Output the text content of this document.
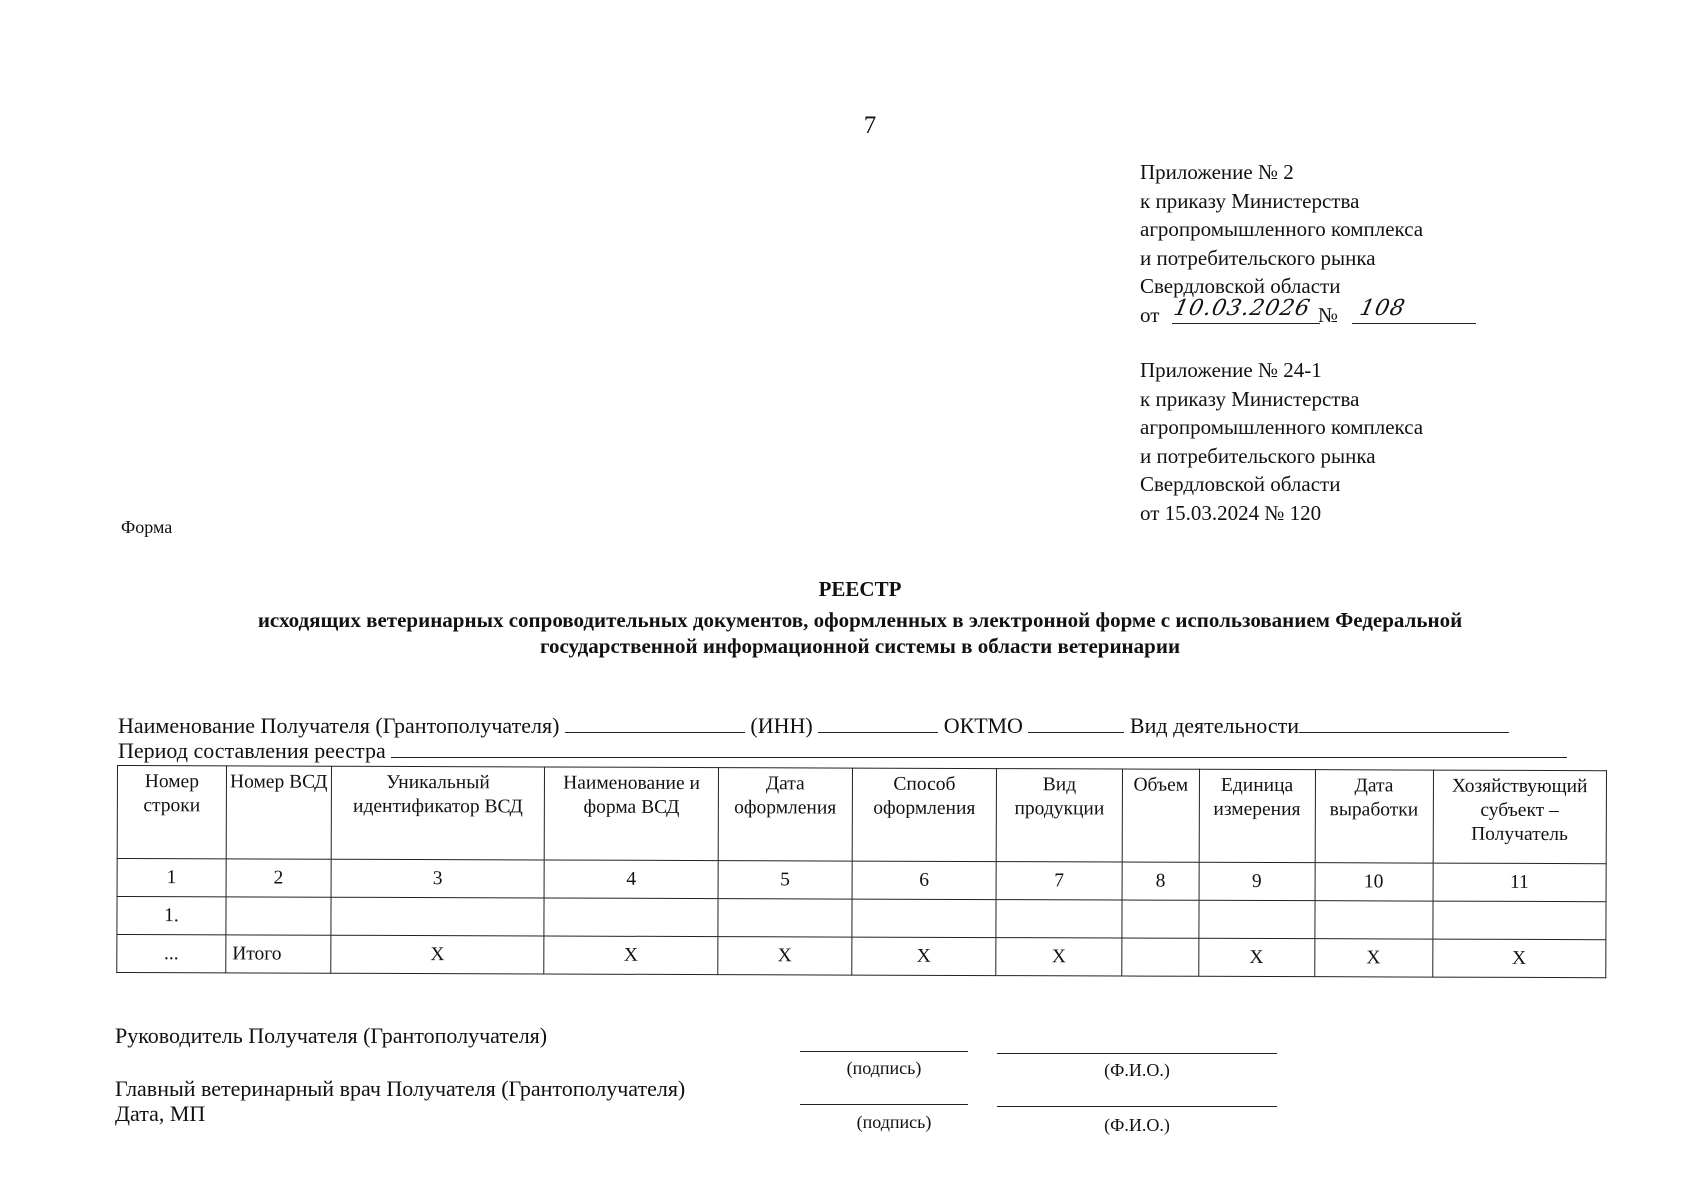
7
Приложение № 2
к приказу Министерства
агропромышленного комплекса
и потребительского рынка
Свердловской области
от 10.03.2026 № 108
Приложение № 24-1
к приказу Министерства
агропромышленного комплекса
и потребительского рынка
Свердловской области
от 15.03.2024 № 120
Форма
РЕЕСТР
исходящих ветеринарных сопроводительных документов, оформленных в электронной форме с использованием Федеральной
государственной информационной системы в области ветеринарии
Наименование Получателя (Грантополучателя)	(ИНН)	ОКТМО	Вид деятельности
Период составления реестра
Номер строки	Номер ВСД	Уникальный идентификатор ВСД	Наименование и форма ВСД	Дата оформления	Способ оформления	Вид продукции	Объем	Единица измерения	Дата выработки	Хозяйствующий субъект – Получатель
1	2	3	4	5	6	7	8	9	10	11
1.										
...	Итого	Х	Х	Х	Х	Х		Х	Х	Х
Руководитель Получателя (Грантополучателя)
(подпись)	(Ф.И.О.)
Главный ветеринарный врач Получателя (Грантополучателя)
Дата, МП	(подпись)	(Ф.И.О.)
